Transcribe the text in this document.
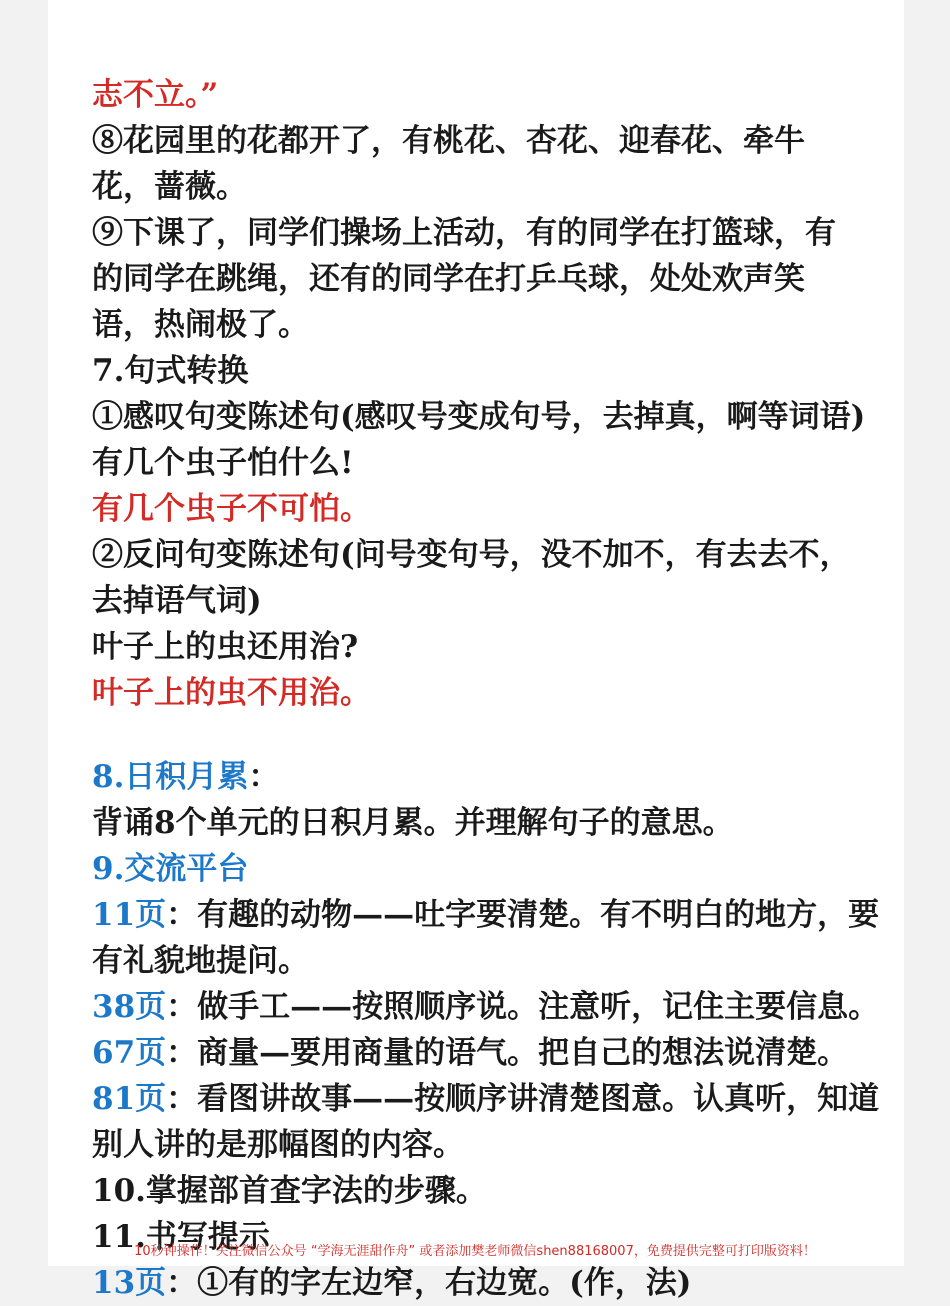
志不立。”
⑧花园里的花都开了，有桃花、杏花、迎春花、牵牛
花，蔷薇。
⑨下课了，同学们操场上活动，有的同学在打篮球，有
的同学在跳绳，还有的同学在打乒乓球，处处欢声笑
语，热闹极了。
7.句式转换
①感叹句变陈述句(感叹号变成句号，去掉真，啊等词语)
有几个虫子怕什么!
有几个虫子不可怕。
②反问句变陈述句(问号变句号，没不加不，有去去不，
去掉语气词)
叶子上的虫还用治?
叶子上的虫不用治。
8.日积月累：
背诵8个单元的日积月累。并理解句子的意思。
9.交流平台
11页：有趣的动物——吐字要清楚。有不明白的地方，要
有礼貌地提问。
38页：做手工——按照顺序说。注意听，记住主要信息。
67页：商量—要用商量的语气。把自己的想法说清楚。
81页：看图讲故事——按顺序讲清楚图意。认真听，知道
别人讲的是那幅图的内容。
10.掌握部首查字法的步骤。
11.书写提示
13页：①有的字左边窄，右边宽。(作，法)
10秒钟操作！关注微信公众号 “学海无涯甜作舟” 或者添加樊老师微信shen88168007，免费提供完整可打印版资料！
